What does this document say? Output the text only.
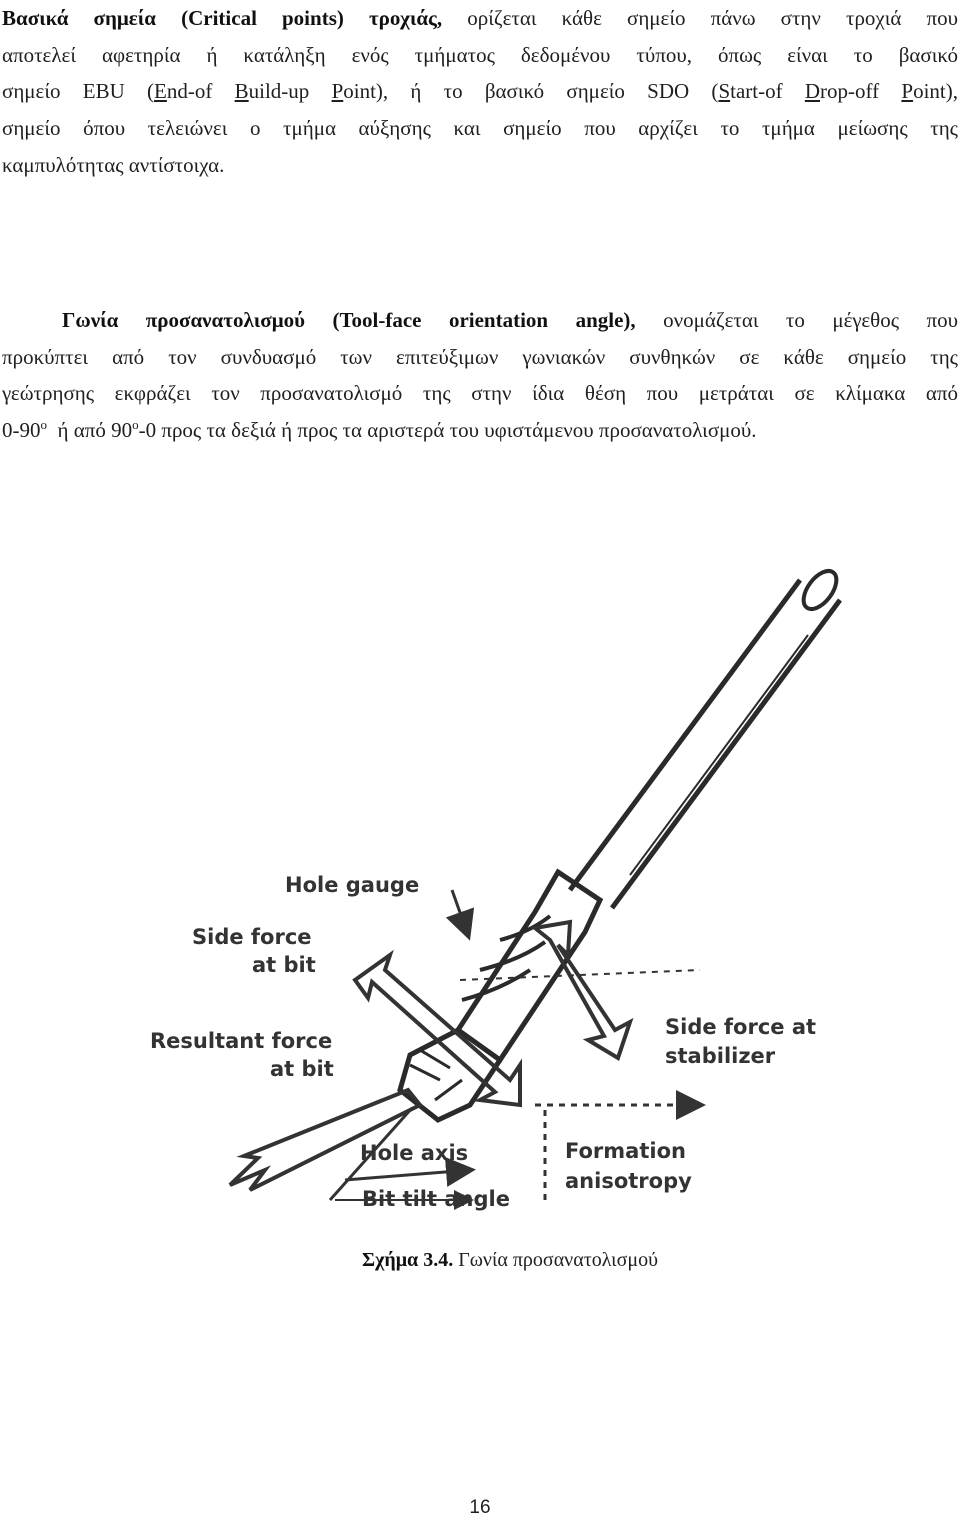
Βασικά σημεία (Critical points) τροχιάς, ορίζεται κάθε σημείο πάνω στην τροχιά που
αποτελεί αφετηρία ή κατάληξη ενός τμήματος δεδομένου τύπου, όπως είναι το βασικό
σημείο EBU (End-of Build-up Point), ή το βασικό σημείο SDO (Start-of Drop-off Point),
σημείο όπου τελειώνει ο τμήμα αύξησης και σημείο που αρχίζει το τμήμα μείωσης της
καμπυλότητας αντίστοιχα.
Γωνία προσανατολισμού (Tool-face orientation angle), ονομάζεται το μέγεθος που
προκύπτει από τον συνδυασμό των επιτεύξιμων γωνιακών συνθηκών σε κάθε σημείο της
γεώτρησης εκφράζει τον προσανατολισμό της στην ίδια θέση που μετράται σε κλίμακα από
0-90$^o$  ή από 90$^o$-0 προς τα δεξιά ή προς τα αριστερά του υφιστάμενου προσανατολισμού.
Hole gauge
Side force
at bit
Resultant force
at bit
Side force at
stabilizer
Hole axis	Formation
anisotropy
Bit tilt angle
Σχήμα 3.4. Γωνία προσανατολισμού
16
